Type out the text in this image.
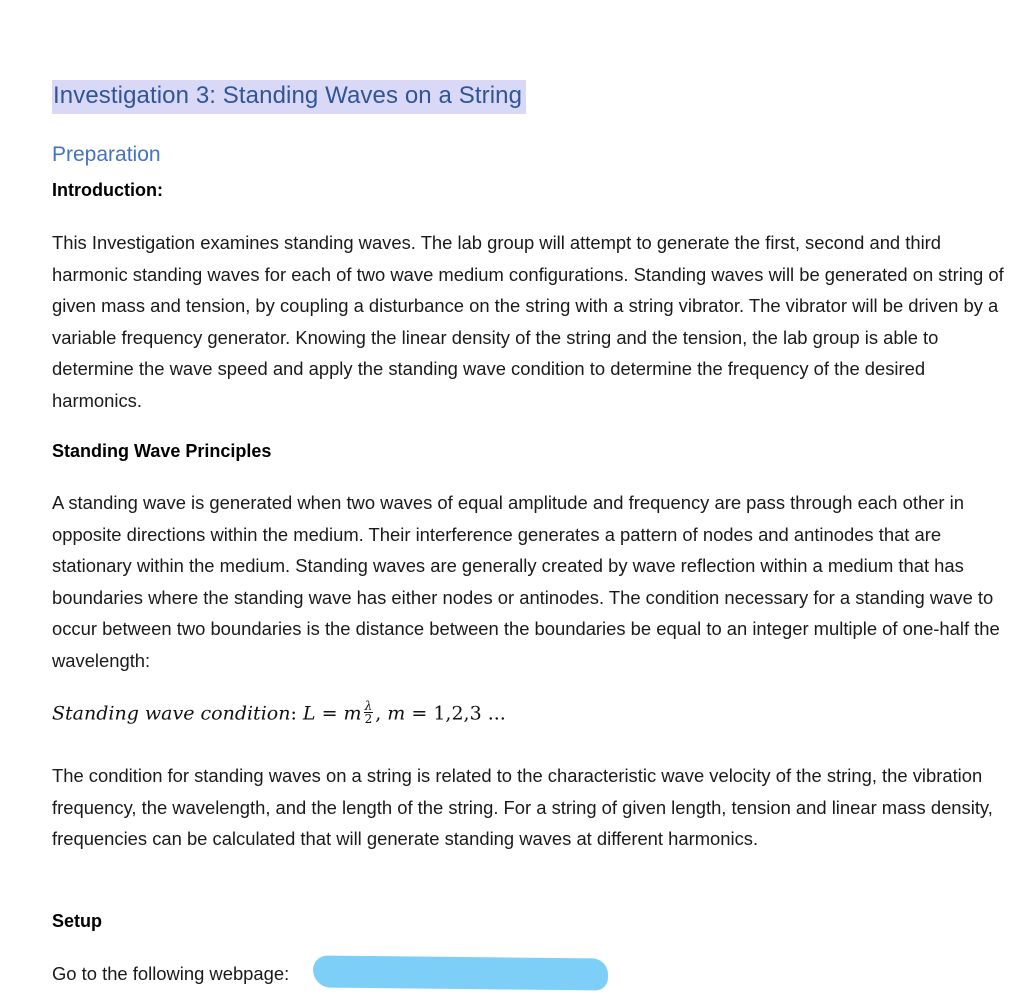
Investigation 3: Standing Waves on a String
Preparation
Introduction:

This Investigation examines standing waves. The lab group will attempt to generate the first, second and third harmonic standing waves for each of two wave medium configurations. Standing waves will be generated on string of given mass and tension, by coupling a disturbance on the string with a string vibrator. The vibrator will be driven by a variable frequency generator. Knowing the linear density of the string and the tension, the lab group is able to determine the wave speed and apply the standing wave condition to determine the frequency of the desired harmonics.

Standing Wave Principles

A standing wave is generated when two waves of equal amplitude and frequency are pass through each other in opposite directions within the medium. Their interference generates a pattern of nodes and antinodes that are stationary within the medium. Standing waves are generally created by wave reflection within a medium that has boundaries where the standing wave has either nodes or antinodes. The condition necessary for a standing wave to occur between two boundaries is the distance between the boundaries be equal to an integer multiple of one-half the wavelength:

Standing wave condition: L = m $\frac{\lambda}{2}$ , m = 1,2,3 ...

The condition for standing waves on a string is related to the characteristic wave velocity of the string, the vibration frequency, the wavelength, and the length of the string. For a string of given length, tension and linear mass density, frequencies can be calculated that will generate standing waves at different harmonics.

Setup

Go to the following webpage:
